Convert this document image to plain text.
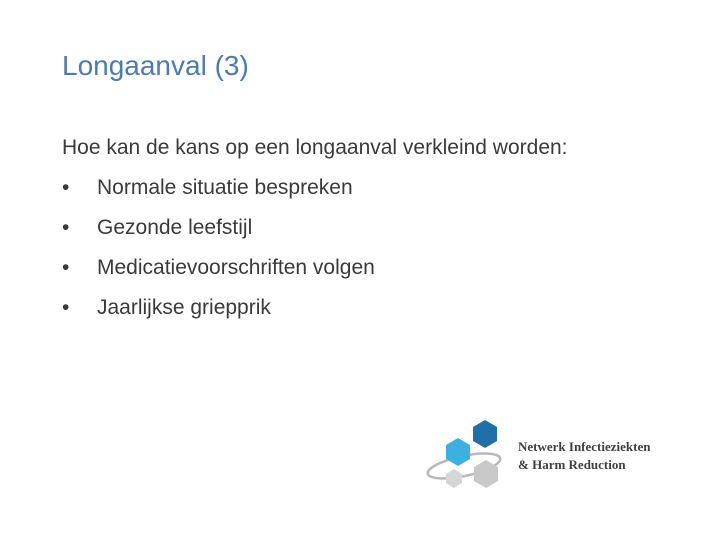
Longaanval (3)
Hoe kan de kans op een longaanval verkleind worden:
• Normale situatie bespreken
• Gezonde leefstijl
• Medicatievoorschriften volgen
• Jaarlijkse griepprik
Netwerk Infectieziekten
& Harm Reduction
